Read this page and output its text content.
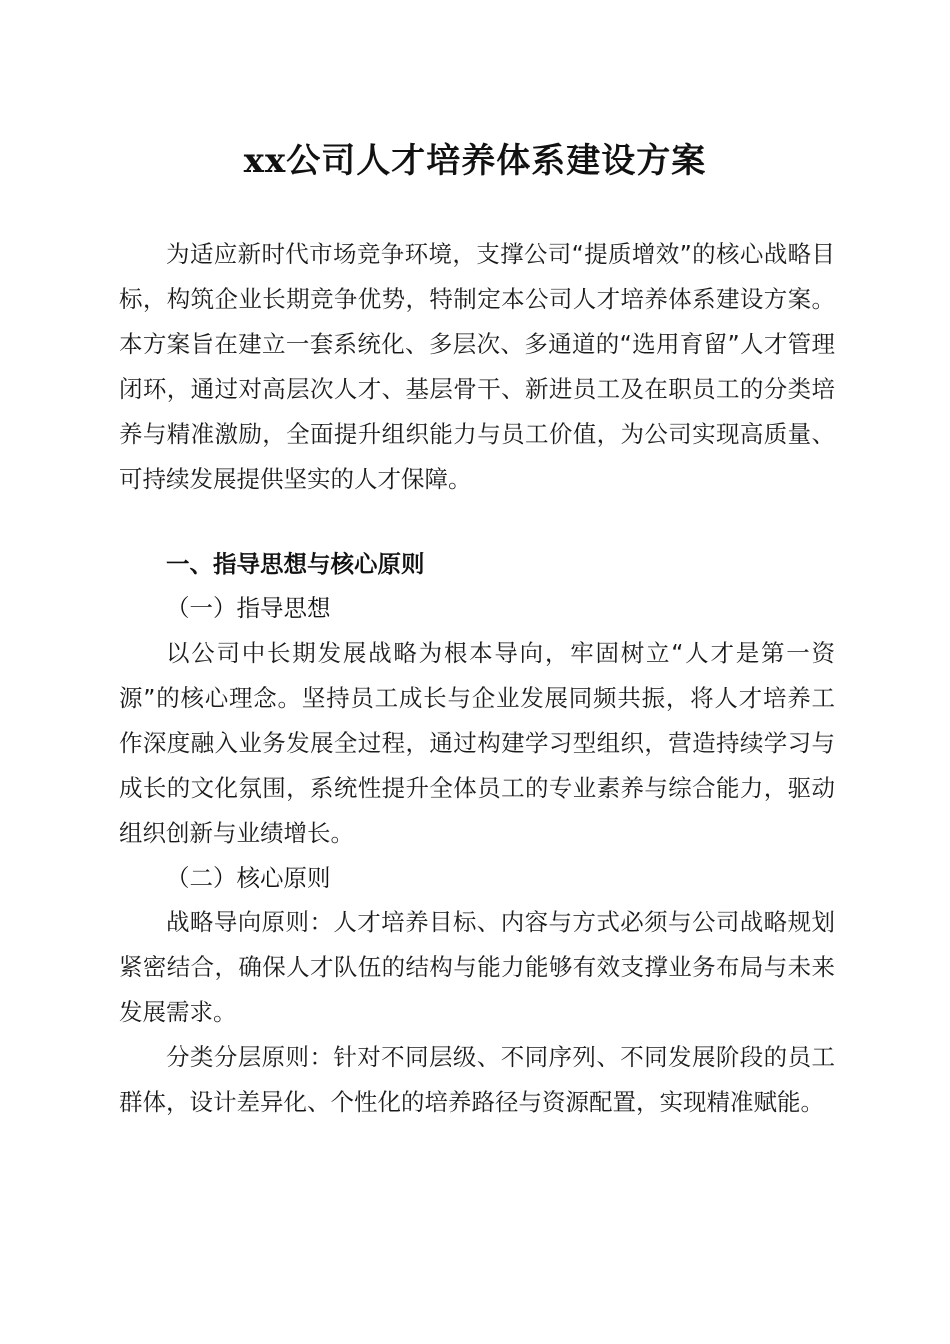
xx公司人才培养体系建设方案

为适应新时代市场竞争环境，支撑公司“提质增效”的核心战略目标，构筑企业长期竞争优势，特制定本公司人才培养体系建设方案。本方案旨在建立一套系统化、多层次、多通道的“选用育留”人才管理闭环，通过对高层次人才、基层骨干、新进员工及在职员工的分类培养与精准激励，全面提升组织能力与员工价值，为公司实现高质量、可持续发展提供坚实的人才保障。

一、指导思想与核心原则

（一）指导思想

以公司中长期发展战略为根本导向，牢固树立“人才是第一资源”的核心理念。坚持员工成长与企业发展同频共振，将人才培养工作深度融入业务发展全过程，通过构建学习型组织，营造持续学习与成长的文化氛围，系统性提升全体员工的专业素养与综合能力，驱动组织创新与业绩增长。

（二）核心原则

战略导向原则：人才培养目标、内容与方式必须与公司战略规划紧密结合，确保人才队伍的结构与能力能够有效支撑业务布局与未来发展需求。

分类分层原则：针对不同层级、不同序列、不同发展阶段的员工群体，设计差异化、个性化的培养路径与资源配置，实现精准赋能。
